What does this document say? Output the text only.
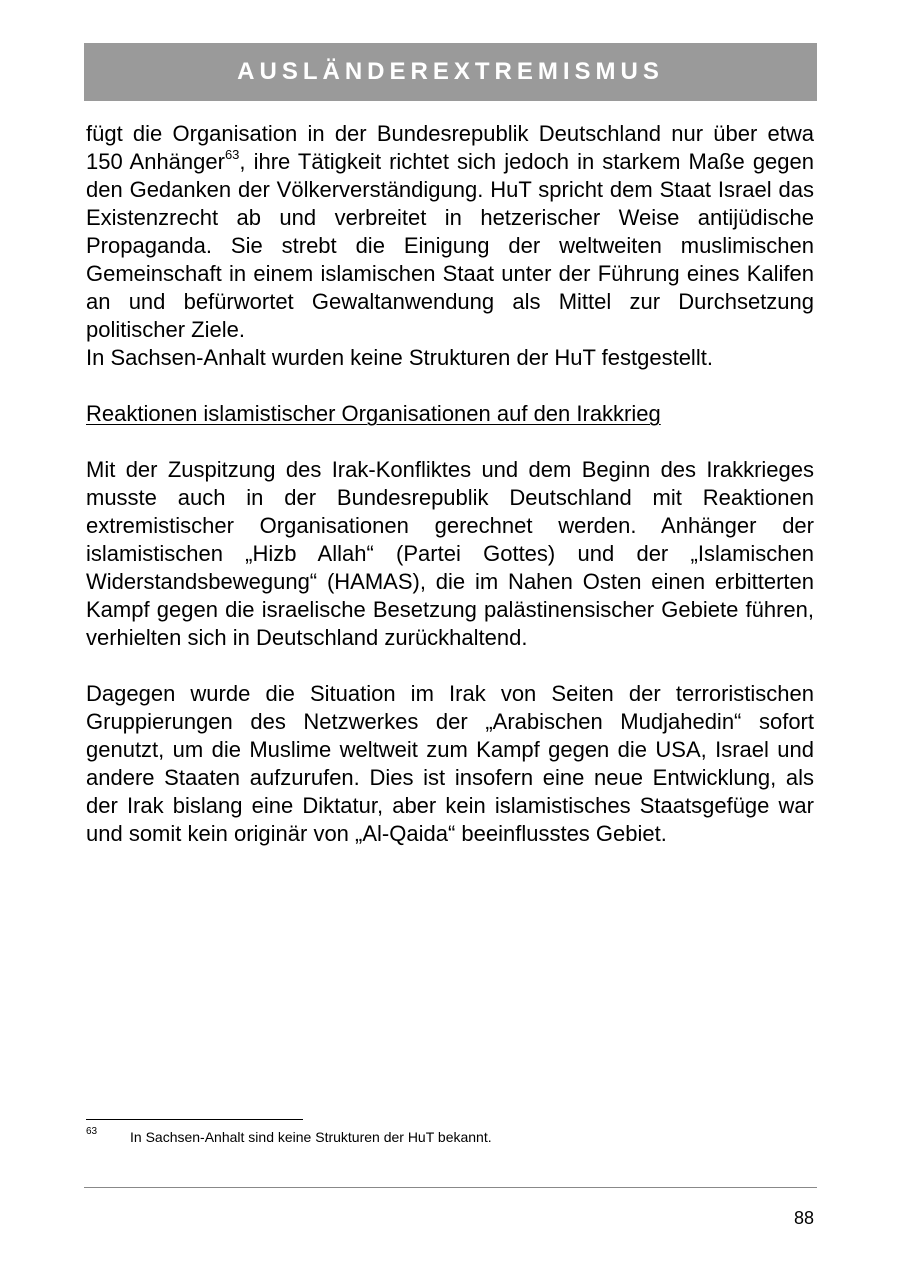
AUSLÄNDEREXTREMISMUS

fügt die Organisation in der Bundesrepublik Deutschland nur über etwa 150 Anhänger$^{63}$, ihre Tätigkeit richtet sich jedoch in starkem Maße gegen den Gedanken der Völkerverständigung. HuT spricht dem Staat Israel das Existenzrecht ab und verbreitet in hetzerischer Weise antijüdische Propaganda. Sie strebt die Einigung der weltweiten muslimischen Gemeinschaft in einem islamischen Staat unter der Führung eines Kalifen an und befürwortet Gewaltanwendung als Mittel zur Durchsetzung politischer Ziele.

In Sachsen-Anhalt wurden keine Strukturen der HuT festgestellt.

Reaktionen islamistischer Organisationen auf den Irakkrieg

Mit der Zuspitzung des Irak-Konfliktes und dem Beginn des Irakkrieges musste auch in der Bundesrepublik Deutschland mit Reaktionen extremistischer Organisationen gerechnet werden. Anhänger der islamistischen „Hizb Allah“ (Partei Gottes) und der „Islamischen Widerstandsbewegung“ (HAMAS), die im Nahen Osten einen erbitterten Kampf gegen die israelische Besetzung palästinensischer Gebiete führen, verhielten sich in Deutschland zurückhaltend.

Dagegen wurde die Situation im Irak von Seiten der terroristischen Gruppierungen des Netzwerkes der „Arabischen Mudjahedin“ sofort genutzt, um die Muslime weltweit zum Kampf gegen die USA, Israel und andere Staaten aufzurufen. Dies ist insofern eine neue Entwicklung, als der Irak bislang eine Diktatur, aber kein islamistisches Staatsgefüge war und somit kein originär von „Al-Qaida“ beeinflusstes Gebiet.

63 In Sachsen-Anhalt sind keine Strukturen der HuT bekannt.
88
